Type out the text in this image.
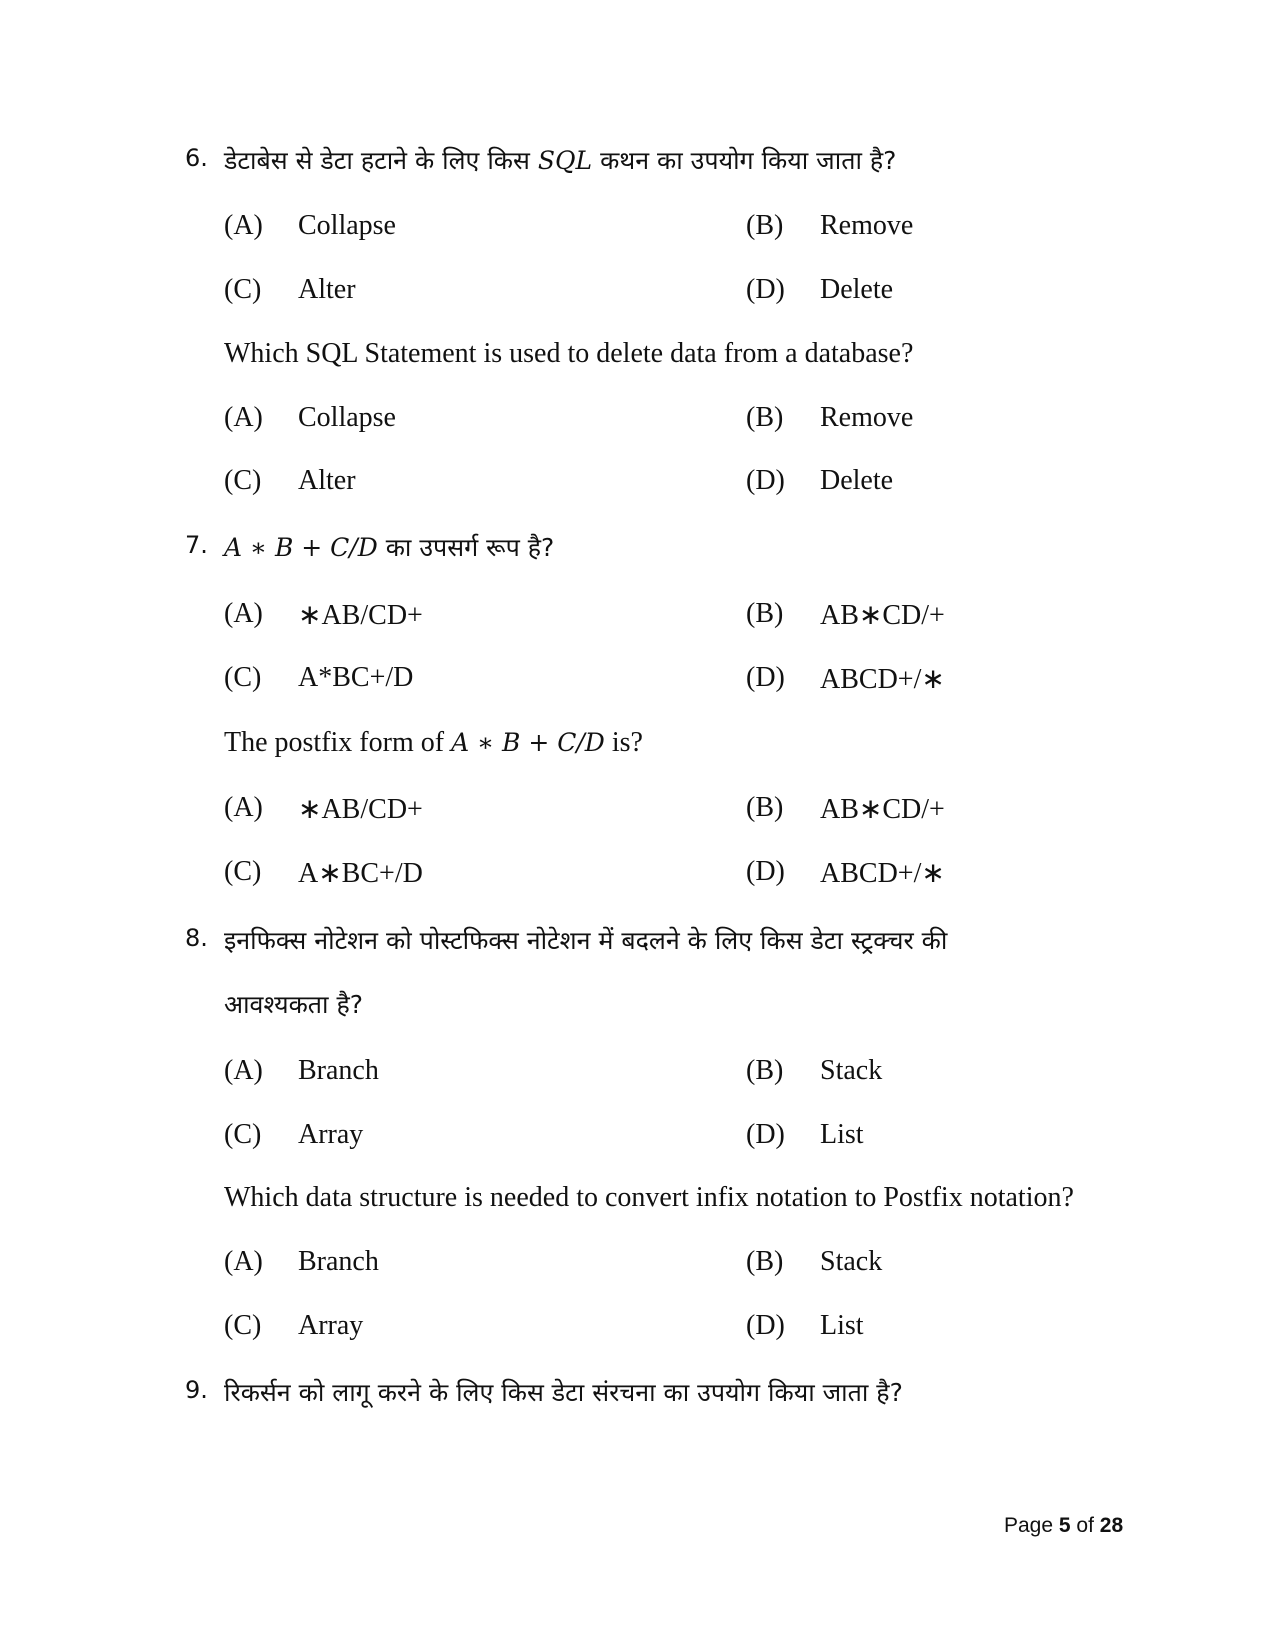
6. डेटाबेस से डेटा हटाने के लिए किस SQL कथन का उपयोग किया जाता है?
(A) Collapse	(B) Remove
(C) Alter	(D) Delete
Which SQL Statement is used to delete data from a database?
(A) Collapse	(B) Remove
(C) Alter	(D) Delete
7. A ∗ B + C/D का उपसर्ग रूप है?
(A) ∗AB/CD+	(B) AB∗CD/+
(C) A*BC+/D	(D) ABCD+/∗
The postfix form of A ∗ B + C/D is?
(A) ∗AB/CD+	(B) AB∗CD/+
(C) A∗BC+/D	(D) ABCD+/∗
8. इनफिक्स नोटेशन को पोस्टफिक्स नोटेशन में बदलने के लिए किस डेटा स्ट्रक्चर की
आवश्यकता है?
(A) Branch	(B) Stack
(C) Array	(D) List
Which data structure is needed to convert infix notation to Postfix notation?
(A) Branch	(B) Stack
(C) Array	(D) List
9. रिकर्सन को लागू करने के लिए किस डेटा संरचना का उपयोग किया जाता है?
Page 5 of 28
